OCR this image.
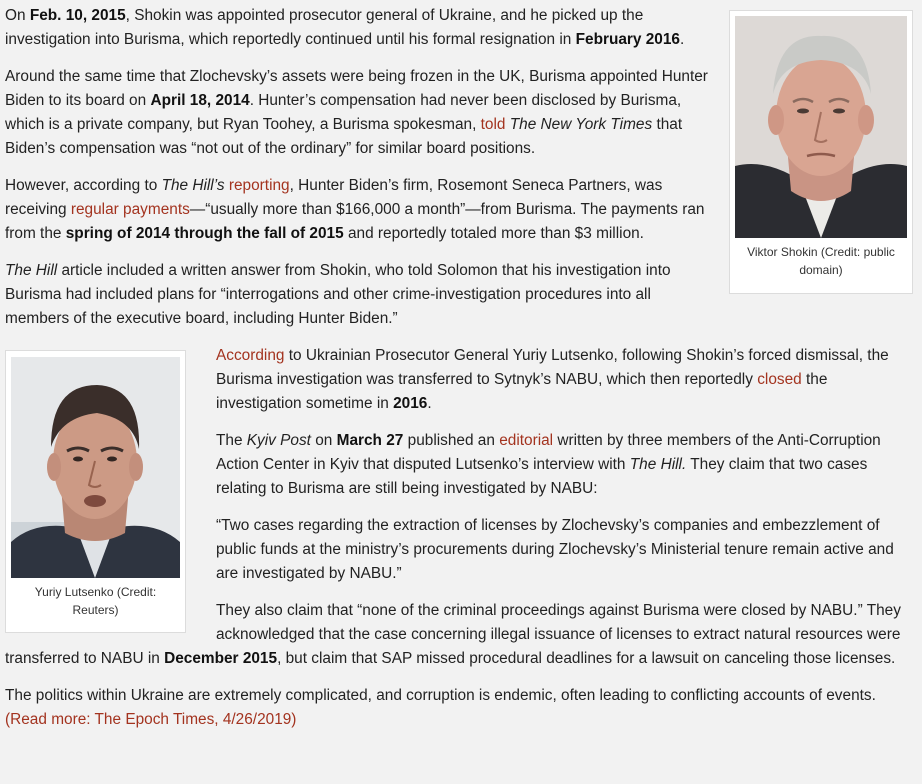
Viktor Shokin (Credit: public domain)

On Feb. 10, 2015, Shokin was appointed prosecutor general of Ukraine, and he picked up the investigation into Burisma, which reportedly continued until his formal resignation in February 2016.

Around the same time that Zlochevsky’s assets were being frozen in the UK, Burisma appointed Hunter Biden to its board on April 18, 2014. Hunter’s compensation had never been disclosed by Burisma, which is a private company, but Ryan Toohey, a Burisma spokesman, told The New York Times that Biden’s compensation was “not out of the ordinary” for similar board positions.

However, according to The Hill’s reporting, Hunter Biden’s firm, Rosemont Seneca Partners, was receiving regular payments—“usually more than $166,000 a month”—from Burisma. The payments ran from the spring of 2014 through the fall of 2015 and reportedly totaled more than $3 million.

The Hill article included a written answer from Shokin, who told Solomon that his investigation into Burisma had included plans for “interrogations and other crime-investigation procedures into all members of the executive board, including Hunter Biden.”

Yuriy Lutsenko (Credit: Reuters)

According to Ukrainian Prosecutor General Yuriy Lutsenko, following Shokin’s forced dismissal, the Burisma investigation was transferred to Sytnyk’s NABU, which then reportedly closed the investigation sometime in 2016.

The Kyiv Post on March 27 published an editorial written by three members of the Anti-Corruption Action Center in Kyiv that disputed Lutsenko’s interview with The Hill. They claim that two cases relating to Burisma are still being investigated by NABU:

“Two cases regarding the extraction of licenses by Zlochevsky’s companies and embezzlement of public funds at the ministry’s procurements during Zlochevsky’s Ministerial tenure remain active and are investigated by NABU.”

They also claim that “none of the criminal proceedings against Burisma were closed by NABU.” They acknowledged that the case concerning illegal issuance of licenses to extract natural resources were transferred to NABU in December 2015, but claim that SAP missed procedural deadlines for a lawsuit on canceling those licenses.

The politics within Ukraine are extremely complicated, and corruption is endemic, often leading to conflicting accounts of events. (Read more: The Epoch Times, 4/26/2019)
